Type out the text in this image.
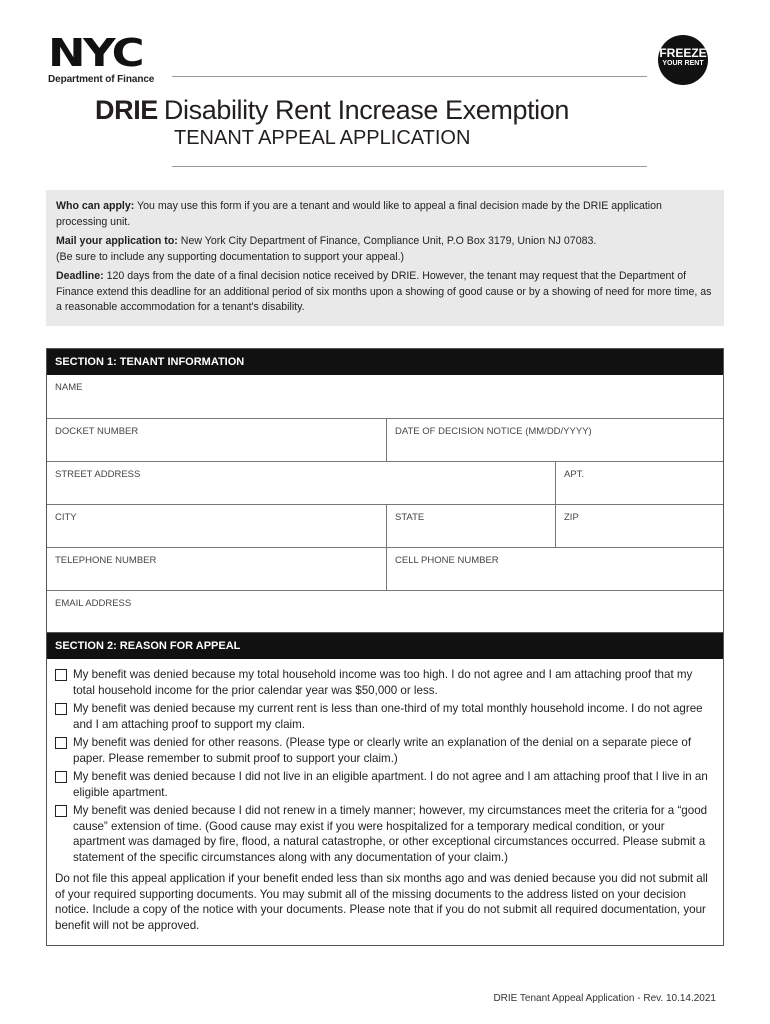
NYC
Department of Finance
FREEZE
YOUR RENT
DRIE Disability Rent Increase Exemption
TENANT APPEAL APPLICATION

Who can apply: You may use this form if you are a tenant and would like to appeal a final decision made by the DRIE application processing unit.

Mail your application to: New York City Department of Finance, Compliance Unit, P.O Box 3179, Union NJ 07083.
(Be sure to include any supporting documentation to support your appeal.)

Deadline: 120 days from the date of a final decision notice received by DRIE. However, the tenant may request that the Department of Finance extend this deadline for an additional period of six months upon a showing of good cause or by a showing of need for more time, as a reasonable accommodation for a tenant's disability.

SECTION 1: TENANT INFORMATION
NAME
DOCKET NUMBER	DATE OF DECISION NOTICE (MM/DD/YYYY)
STREET ADDRESS	APT.
CITY	STATE	ZIP
TELEPHONE NUMBER	CELL PHONE NUMBER
EMAIL ADDRESS
SECTION 2: REASON FOR APPEAL
My benefit was denied because my total household income was too high. I do not agree and I am attaching proof that my total household income for the prior calendar year was $50,000 or less.
My benefit was denied because my current rent is less than one-third of my total monthly household income. I do not agree and I am attaching proof to support my claim.
My benefit was denied for other reasons. (Please type or clearly write an explanation of the denial on a separate piece of paper. Please remember to submit proof to support your claim.)
My benefit was denied because I did not live in an eligible apartment. I do not agree and I am attaching proof that I live in an eligible apartment.
My benefit was denied because I did not renew in a timely manner; however, my circumstances meet the criteria for a “good cause” extension of time. (Good cause may exist if you were hospitalized for a temporary medical condition, or your apartment was damaged by fire, flood, a natural catastrophe, or other exceptional circumstances occurred. Please submit a statement of the specific circumstances along with any documentation of your claim.)
Do not file this appeal application if your benefit ended less than six months ago and was denied because you did not submit all of your required supporting documents. You may submit all of the missing documents to the address listed on your decision notice. Include a copy of the notice with your documents. Please note that if you do not submit all required documentation, your benefit will not be approved.
DRIE Tenant Appeal Application - Rev. 10.14.2021
